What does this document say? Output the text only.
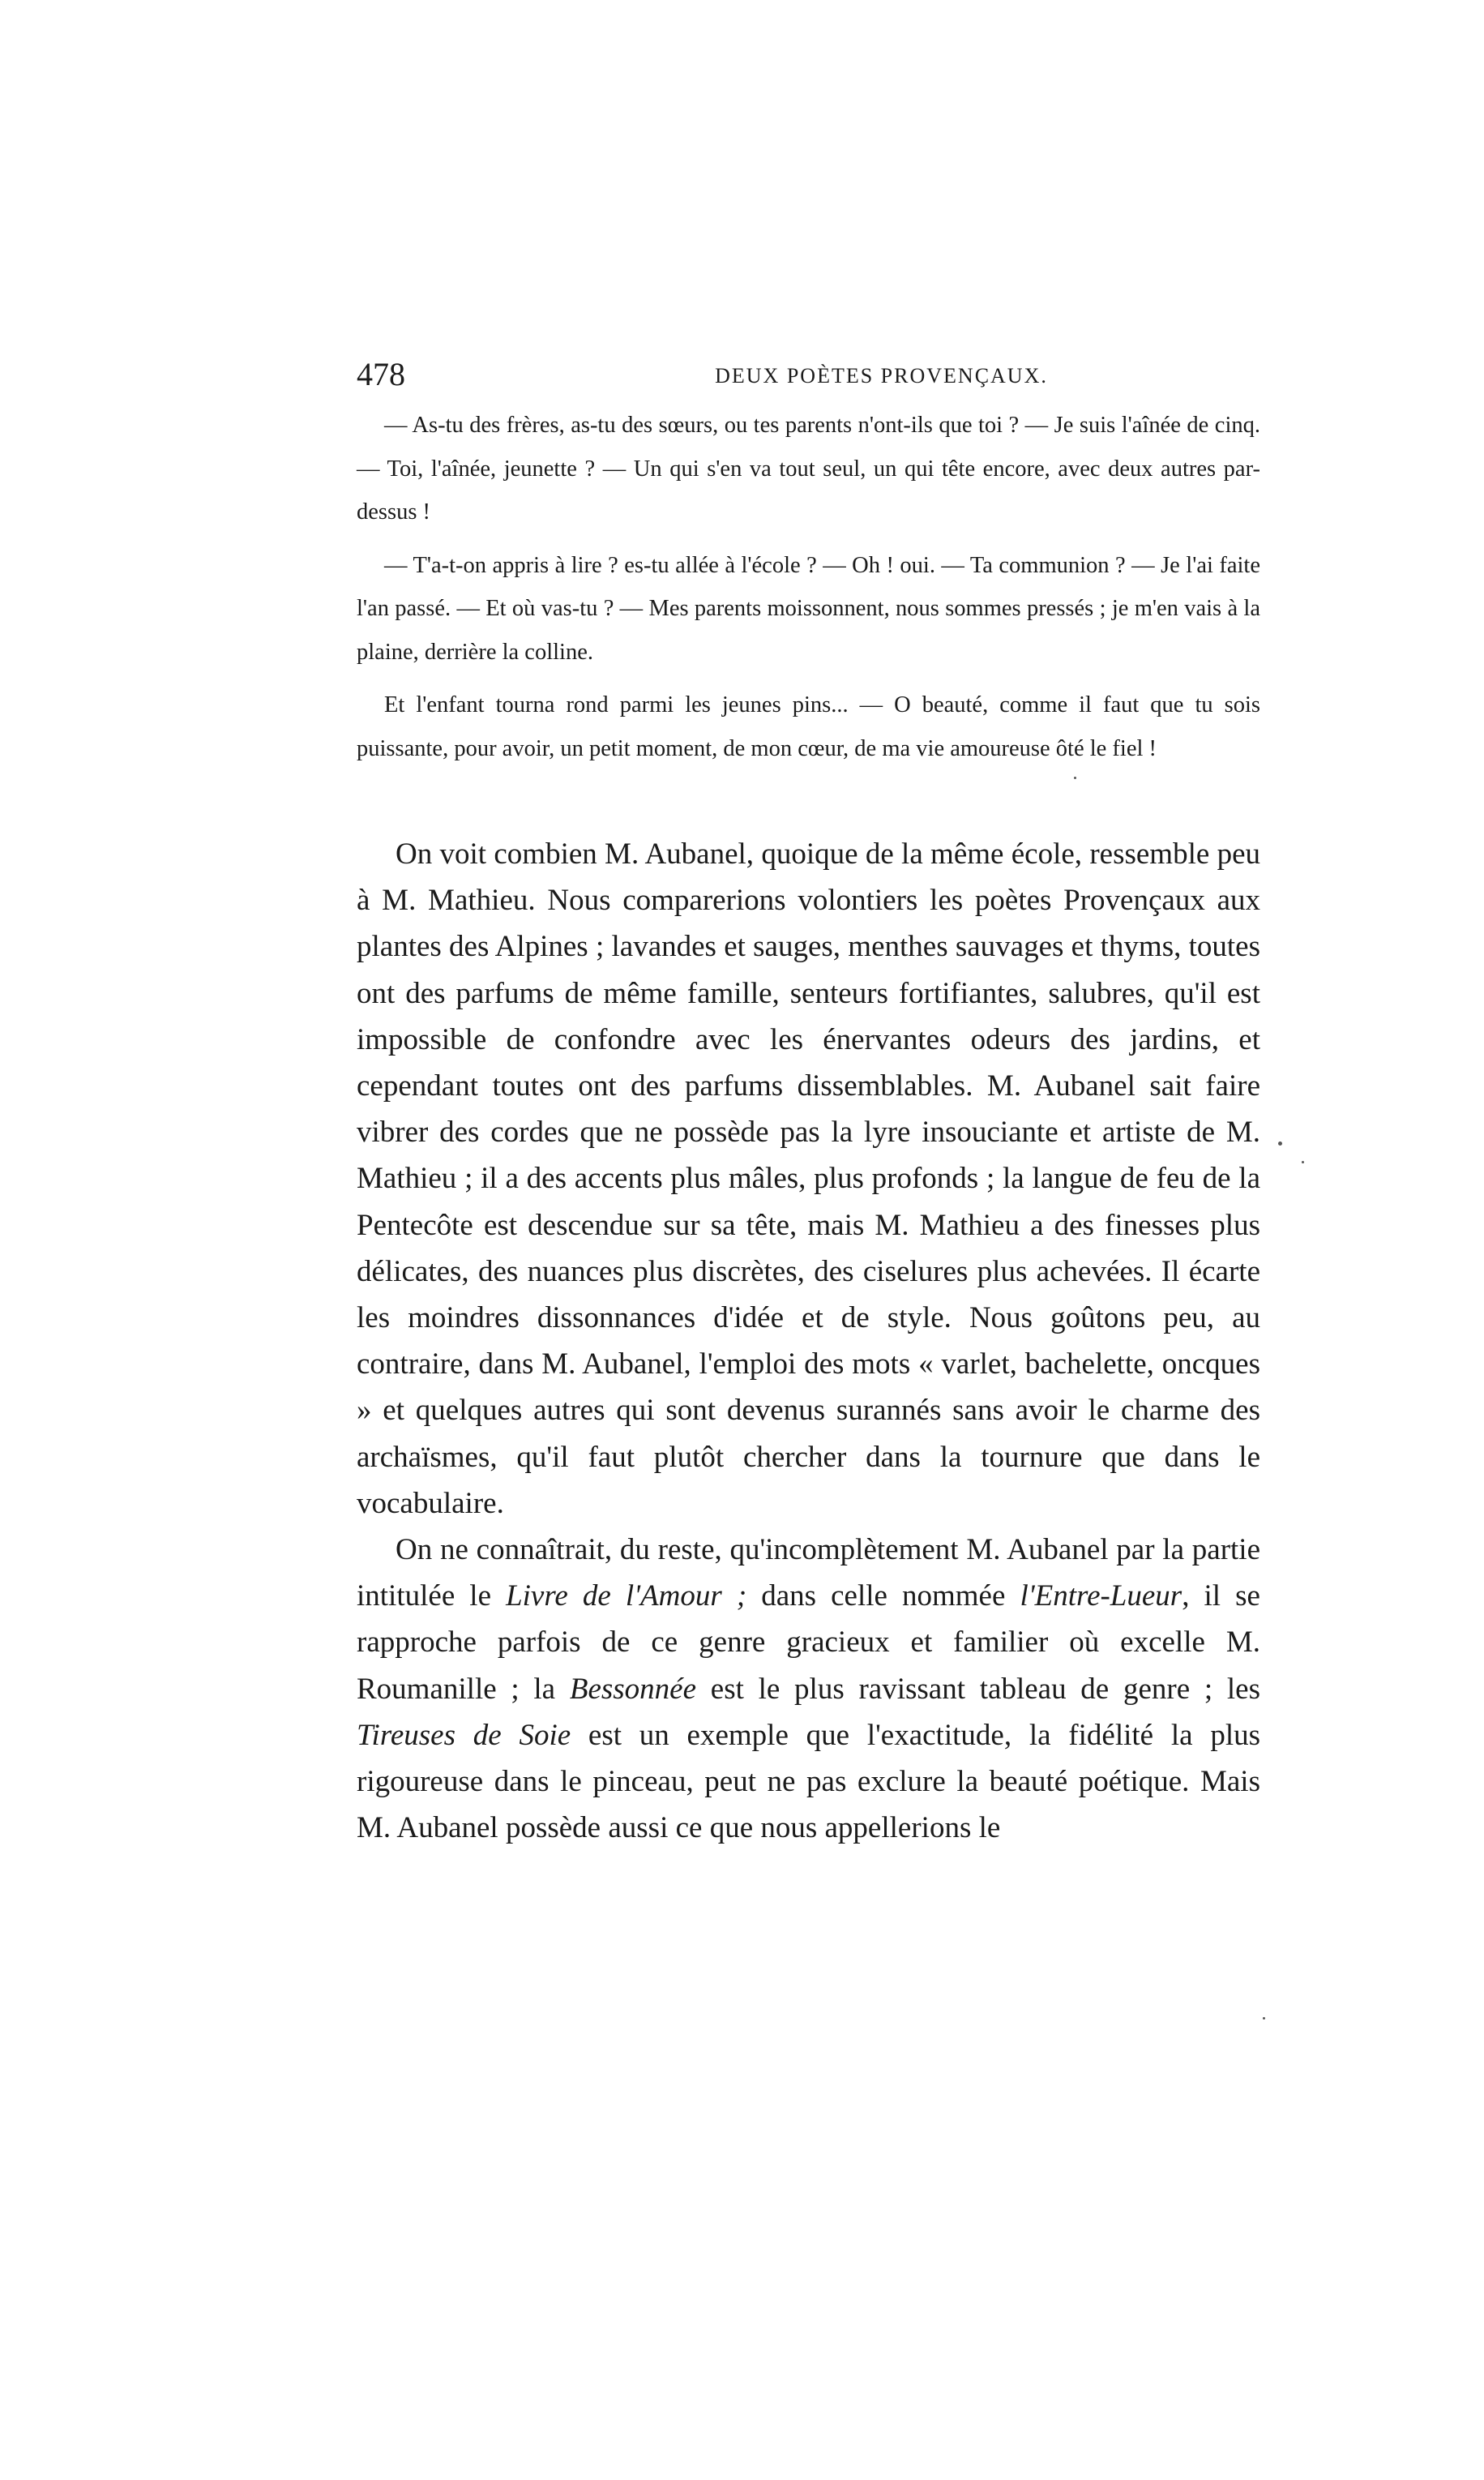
478	DEUX POÈTES PROVENÇAUX.

— As-tu des frères, as-tu des sœurs, ou tes parents n'ont-ils que toi ? — Je suis l'aînée de cinq. — Toi, l'aînée, jeunette ? — Un qui s'en va tout seul, un qui tête encore, avec deux autres par-dessus !

— T'a-t-on appris à lire ? es-tu allée à l'école ? — Oh ! oui. — Ta communion ? — Je l'ai faite l'an passé. — Et où vas-tu ? — Mes parents moissonnent, nous sommes pressés ; je m'en vais à la plaine, derrière la colline.

Et l'enfant tourna rond parmi les jeunes pins... — O beauté, comme il faut que tu sois puissante, pour avoir, un petit moment, de mon cœur, de ma vie amoureuse ôté le fiel !

On voit combien M. Aubanel, quoique de la même école, ressemble peu à M. Mathieu. Nous comparerions volontiers les poètes Provençaux aux plantes des Alpines ; lavandes et sauges, menthes sauvages et thyms, toutes ont des parfums de même famille, senteurs fortifiantes, salubres, qu'il est impossible de confondre avec les énervantes odeurs des jardins, et cependant toutes ont des parfums dissemblables. M. Aubanel sait faire vibrer des cordes que ne possède pas la lyre insouciante et artiste de M. Mathieu ; il a des accents plus mâles, plus profonds ; la langue de feu de la Pentecôte est descendue sur sa tête, mais M. Mathieu a des finesses plus délicates, des nuances plus discrètes, des ciselures plus achevées. Il écarte les moindres dissonnances d'idée et de style. Nous goûtons peu, au contraire, dans M. Aubanel, l'emploi des mots « varlet, bachelette, oncques » et quelques autres qui sont devenus surannés sans avoir le charme des archaïsmes, qu'il faut plutôt chercher dans la tournure que dans le vocabulaire.

On ne connaîtrait, du reste, qu'incomplètement M. Aubanel par la partie intitulée le Livre de l'Amour ; dans celle nommée l'Entre-Lueur, il se rapproche parfois de ce genre gracieux et familier où excelle M. Roumanille ; la Bessonnée est le plus ravissant tableau de genre ; les Tireuses de Soie est un exemple que l'exactitude, la fidélité la plus rigoureuse dans le pinceau, peut ne pas exclure la beauté poétique. Mais M. Aubanel possède aussi ce que nous appellerions le
